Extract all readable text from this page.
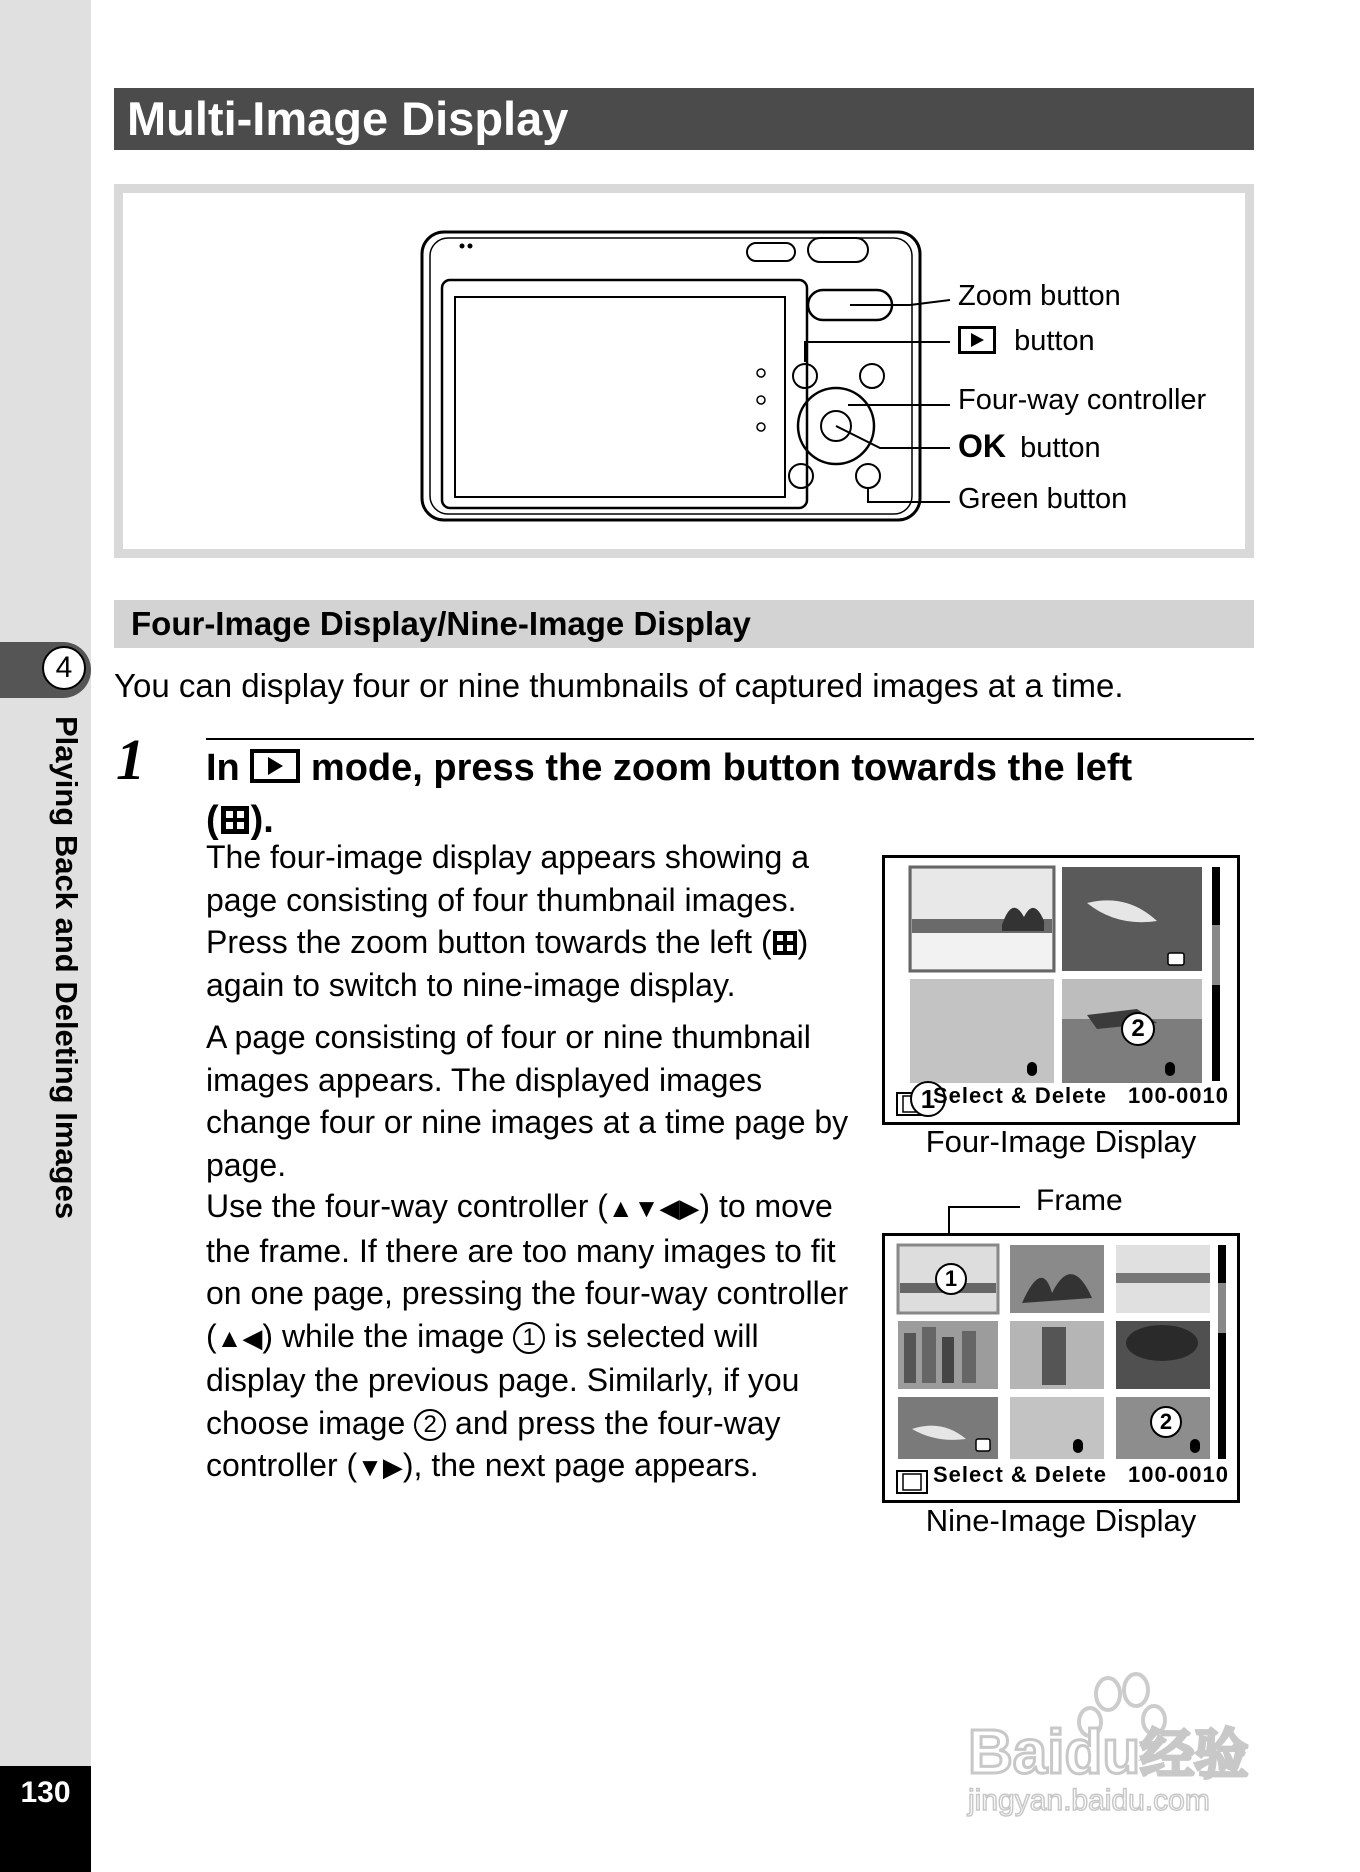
4
Playing Back and Deleting Images
130
Multi-Image Display
Zoom button
button
Four-way controller
OK button
Green button
Four-Image Display/Nine-Image Display
You can display four or nine thumbnails of captured images at a time.
1 In mode, press the zoom button towards the left
( ).
The four-image display appears showing a page consisting of four thumbnail images. Press the zoom button towards the left ( ) again to switch to nine-image display.
A page consisting of four or nine thumbnail images appears. The displayed images change four or nine images at a time page by page.
Use the four-way controller (▲▼◀▶) to move the frame. If there are too many images to fit on one page, pressing the four-way controller (▲◀) while the image 1 is selected will display the previous page. Similarly, if you choose image 2 and press the four-way controller (▼▶), the next page appears.
1
2
Select & Delete 100-0010
Four-Image Display
Frame
1
2
Select & Delete 100-0010
Nine-Image Display
Baidu经验
jingyan.baidu.com
